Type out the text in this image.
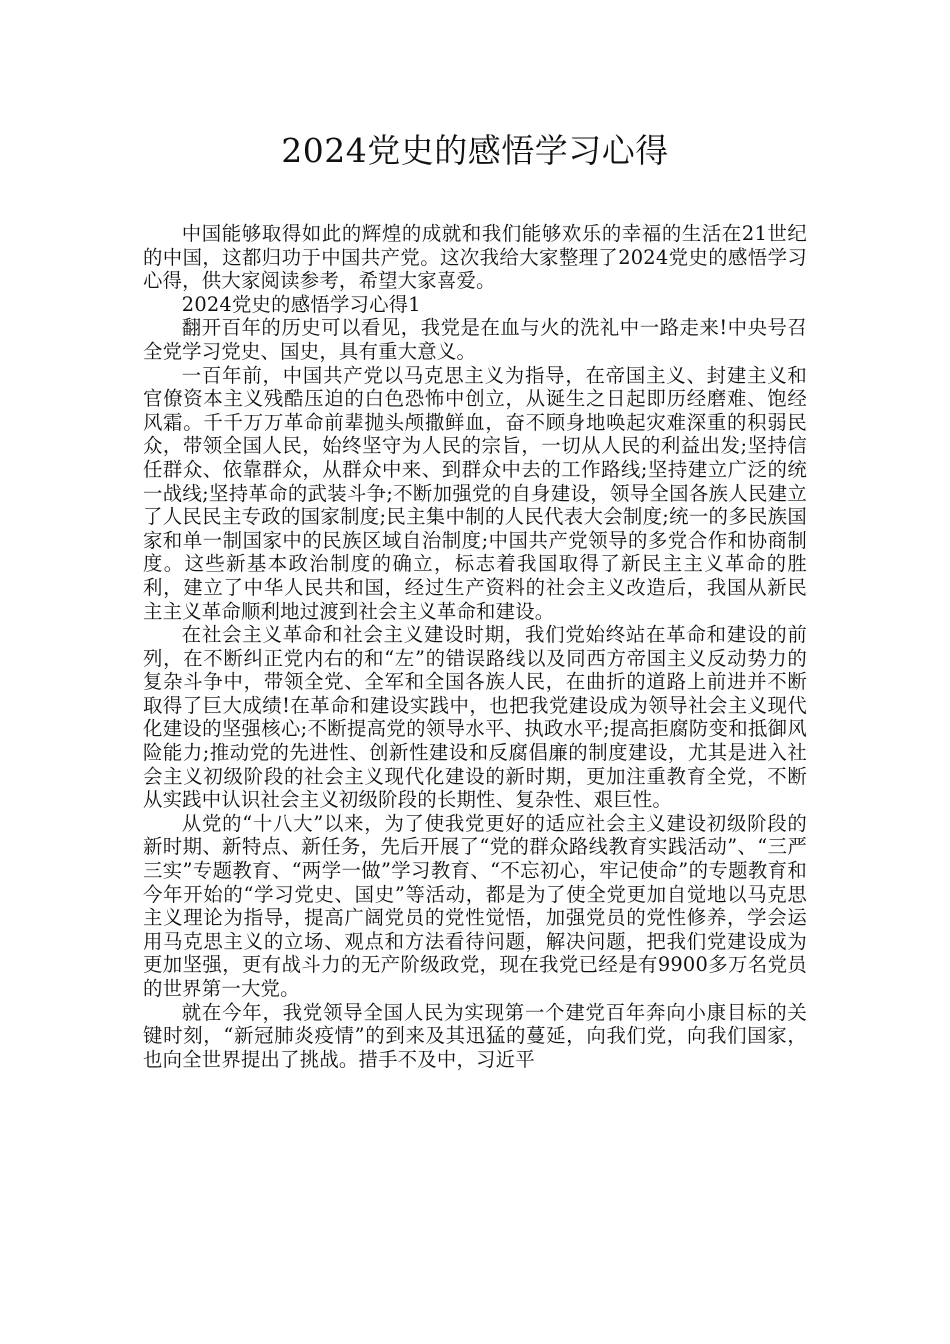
2024党史的感悟学习心得

中国能够取得如此的辉煌的成就和我们能够欢乐的幸福的生活在21世纪的中国，这都归功于中国共产党。这次我给大家整理了2024党史的感悟学习心得，供大家阅读参考，希望大家喜爱。

2024党史的感悟学习心得1

翻开百年的历史可以看见，我党是在血与火的洗礼中一路走来!中央号召全党学习党史、国史，具有重大意义。

一百年前，中国共产党以马克思主义为指导，在帝国主义、封建主义和官僚资本主义残酷压迫的白色恐怖中创立，从诞生之日起即历经磨难、饱经风霜。千千万万革命前辈抛头颅撒鲜血，奋不顾身地唤起灾难深重的积弱民众，带领全国人民，始终坚守为人民的宗旨，一切从人民的利益出发;坚持信任群众、依靠群众，从群众中来、到群众中去的工作路线;坚持建立广泛的统一战线;坚持革命的武装斗争;不断加强党的自身建设，领导全国各族人民建立了人民民主专政的国家制度;民主集中制的人民代表大会制度;统一的多民族国家和单一制国家中的民族区域自治制度;中国共产党领导的多党合作和协商制度。这些新基本政治制度的确立，标志着我国取得了新民主主义革命的胜利，建立了中华人民共和国，经过生产资料的社会主义改造后，我国从新民主主义革命顺利地过渡到社会主义革命和建设。

在社会主义革命和社会主义建设时期，我们党始终站在革命和建设的前列，在不断纠正党内右的和“左”的错误路线以及同西方帝国主义反动势力的复杂斗争中，带领全党、全军和全国各族人民，在曲折的道路上前进并不断取得了巨大成绩!在革命和建设实践中，也把我党建设成为领导社会主义现代化建设的坚强核心;不断提高党的领导水平、执政水平;提高拒腐防变和抵御风险能力;推动党的先进性、创新性建设和反腐倡廉的制度建设，尤其是进入社会主义初级阶段的社会主义现代化建设的新时期，更加注重教育全党，不断从实践中认识社会主义初级阶段的长期性、复杂性、艰巨性。

从党的“十八大”以来，为了使我党更好的适应社会主义建设初级阶段的新时期、新特点、新任务，先后开展了“党的群众路线教育实践活动”、“三严三实”专题教育、“两学一做”学习教育、“不忘初心，牢记使命”的专题教育和今年开始的“学习党史、国史”等活动，都是为了使全党更加自觉地以马克思主义理论为指导，提高广阔党员的党性觉悟，加强党员的党性修养，学会运用马克思主义的立场、观点和方法看待问题，解决问题，把我们党建设成为更加坚强，更有战斗力的无产阶级政党，现在我党已经是有9900多万名党员的世界第一大党。

就在今年，我党领导全国人民为实现第一个建党百年奔向小康目标的关键时刻，“新冠肺炎疫情”的到来及其迅猛的蔓延，向我们党，向我们国家，也向全世界提出了挑战。措手不及中，习近平
